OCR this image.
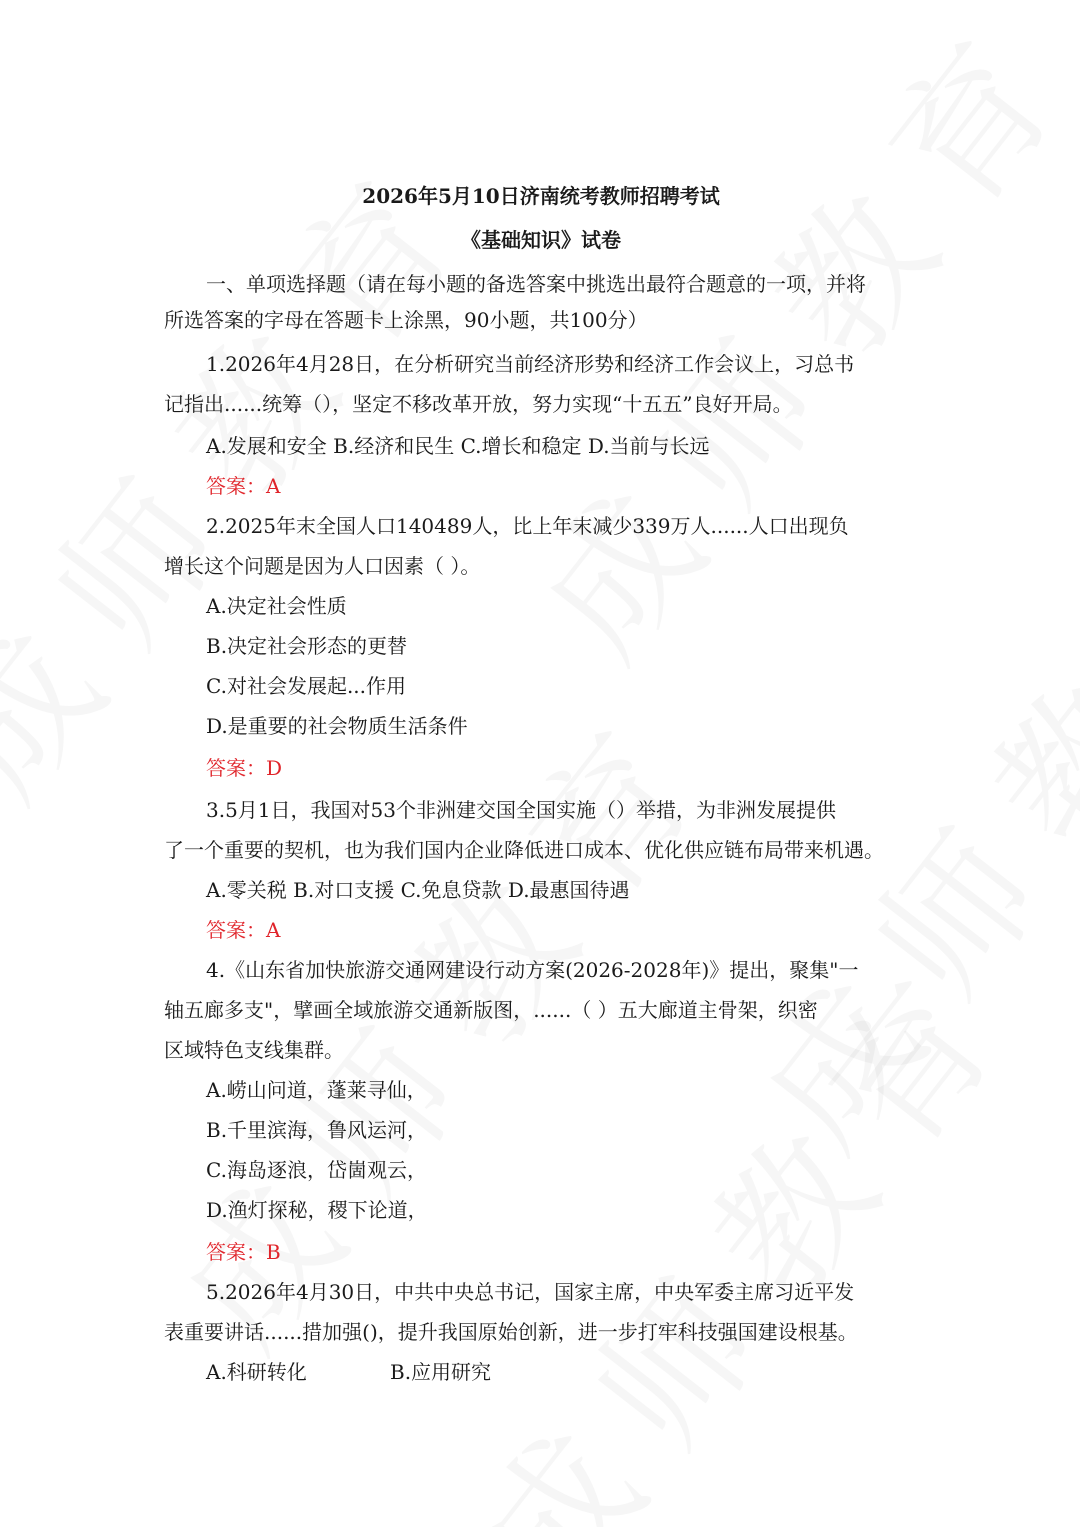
2026年5月10日济南统考教师招聘考试
《基础知识》试卷
一、单项选择题（请在每小题的备选答案中挑选出最符合题意的一项，并将
所选答案的字母在答题卡上涂黑，90小题，共100分）
1.2026年4月28日，在分析研究当前经济形势和经济工作会议上，习总书
记指出......统筹（），坚定不移改革开放，努力实现“十五五”良好开局。
A.发展和安全 B.经济和民生 C.增长和稳定 D.当前与长远
答案：A
2.2025年末全国人口140489人，比上年末减少339万人......人口出现负
增长这个问题是因为人口因素（ ）。
A.决定社会性质
B.决定社会形态的更替
C.对社会发展起...作用
D.是重要的社会物质生活条件
答案：D
3.5月1日，我国对53个非洲建交国全国实施（）举措，为非洲发展提供
了一个重要的契机，也为我们国内企业降低进口成本、优化供应链布局带来机遇。
A.零关税 B.对口支援 C.免息贷款 D.最惠国待遇
答案：A
4.《山东省加快旅游交通网建设行动方案(2026-2028年)》提出，聚集"一
轴五廊多支"，擘画全域旅游交通新版图，......（ ）五大廊道主骨架，织密
区域特色支线集群。
A.崂山问道，蓬莱寻仙，
B.千里滨海，鲁风运河，
C.海岛逐浪，岱崮观云，
D.渔灯探秘，稷下论道，
答案：B
5.2026年4月30日，中共中央总书记，国家主席，中央军委主席习近平发
表重要讲话......措加强()，提升我国原始创新，进一步打牢科技强国建设根基。
A.科研转化	B.应用研究
